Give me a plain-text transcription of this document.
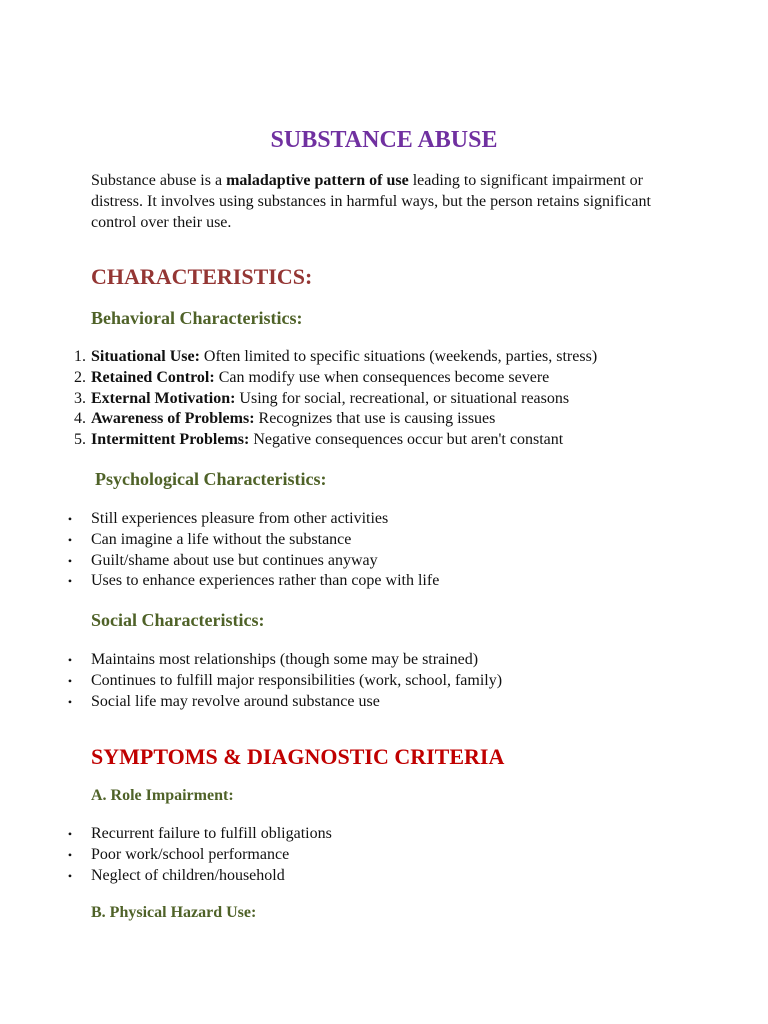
SUBSTANCE ABUSE

Substance abuse is a maladaptive pattern of use leading to significant impairment or distress. It involves using substances in harmful ways, but the person retains significant control over their use.

CHARACTERISTICS:
Behavioral Characteristics:
1. Situational Use: Often limited to specific situations (weekends, parties, stress)
2. Retained Control: Can modify use when consequences become severe
3. External Motivation: Using for social, recreational, or situational reasons
4. Awareness of Problems: Recognizes that use is causing issues
5. Intermittent Problems: Negative consequences occur but aren't constant
Psychological Characteristics:
• Still experiences pleasure from other activities
• Can imagine a life without the substance
• Guilt/shame about use but continues anyway
• Uses to enhance experiences rather than cope with life
Social Characteristics:
• Maintains most relationships (though some may be strained)
• Continues to fulfill major responsibilities (work, school, family)
• Social life may revolve around substance use
SYMPTOMS & DIAGNOSTIC CRITERIA
A. Role Impairment:
• Recurrent failure to fulfill obligations
• Poor work/school performance
• Neglect of children/household
B. Physical Hazard Use:
